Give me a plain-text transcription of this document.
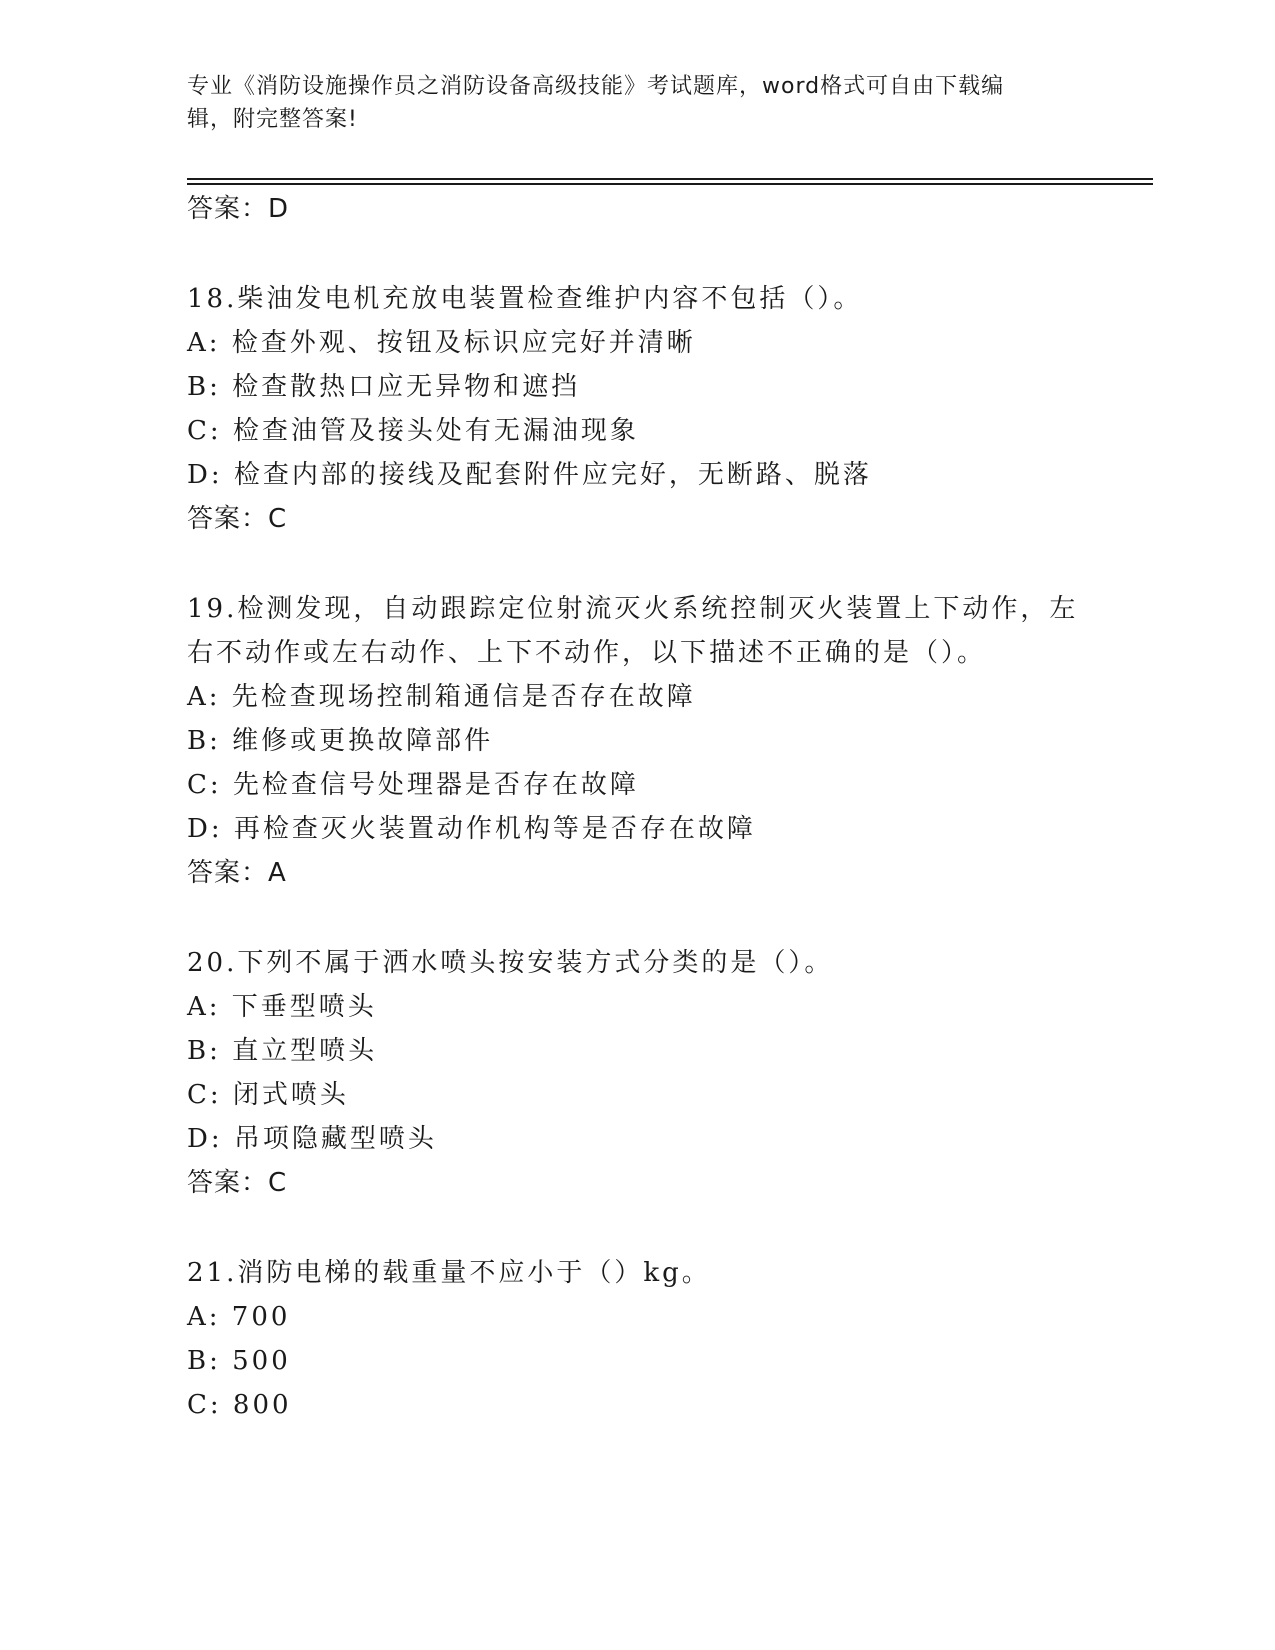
专业《消防设施操作员之消防设备高级技能》考试题库，word格式可自由下载编
辑，附完整答案!
答案：D
18.柴油发电机充放电装置检查维护内容不包括（）。
A: 检查外观、按钮及标识应完好并清晰
B: 检查散热口应无异物和遮挡
C: 检查油管及接头处有无漏油现象
D: 检查内部的接线及配套附件应完好，无断路、脱落
答案：C
19.检测发现，自动跟踪定位射流灭火系统控制灭火装置上下动作，左
右不动作或左右动作、上下不动作，以下描述不正确的是（）。
A: 先检查现场控制箱通信是否存在故障
B: 维修或更换故障部件
C: 先检查信号处理器是否存在故障
D: 再检查灭火装置动作机构等是否存在故障
答案：A
20.下列不属于洒水喷头按安装方式分类的是（）。
A: 下垂型喷头
B: 直立型喷头
C: 闭式喷头
D: 吊项隐藏型喷头
答案：C
21.消防电梯的载重量不应小于（）kg。
A: 700
B: 500
C: 800
